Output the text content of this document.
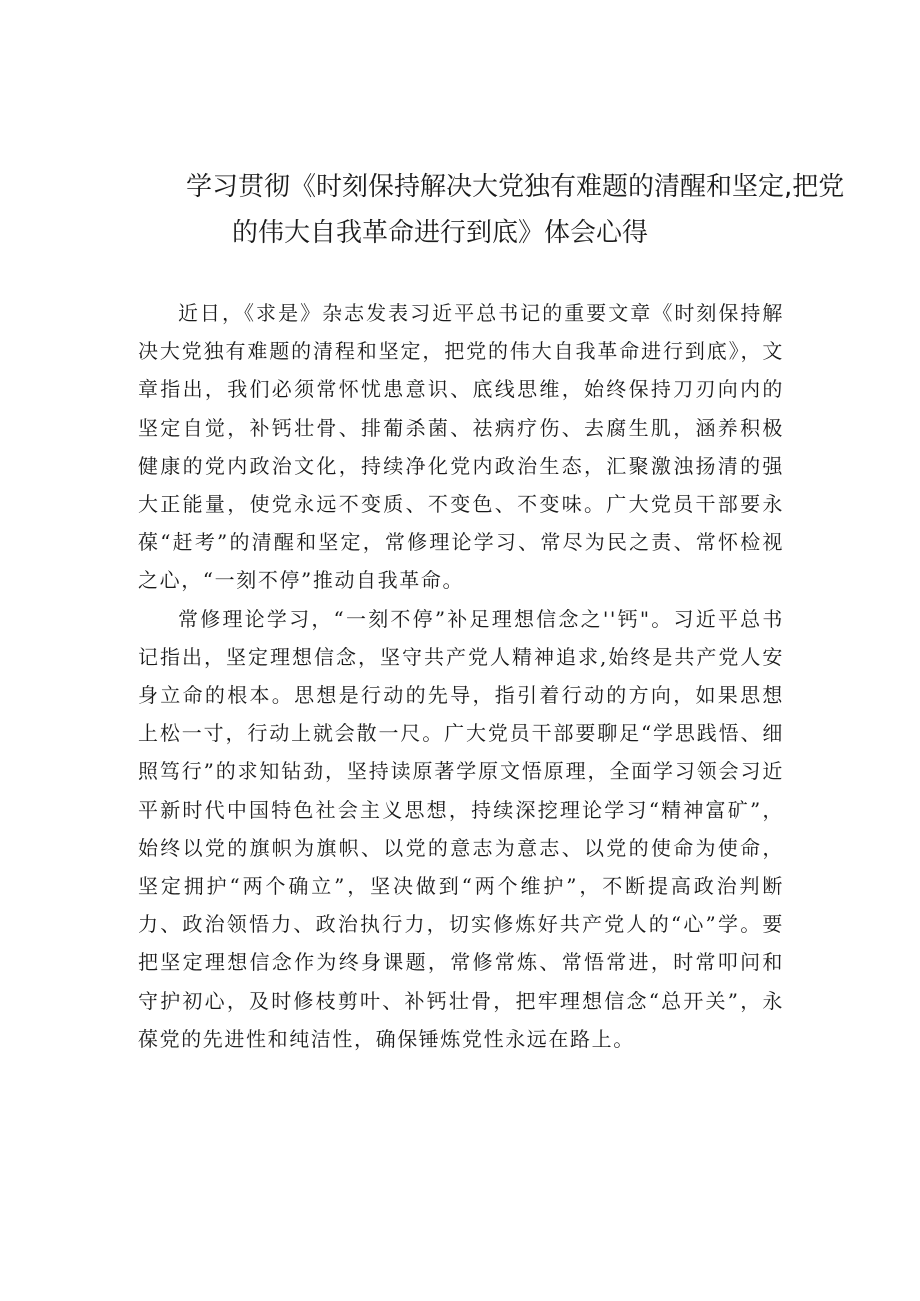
学习贯彻《时刻保持解决大党独有难题的清醒和坚定,把党
的伟大自我革命进行到底》体会心得

近日，《求是》杂志发表习近平总书记的重要文章《时刻保持解决大党独有难题的清程和坚定，把党的伟大自我革命进行到底》，文章指出，我们必须常怀忧患意识、底线思维，始终保持刀刃向内的坚定自觉，补钙壮骨、排葡杀菌、祛病疗伤、去腐生肌，涵养积极健康的党内政治文化，持续净化党内政治生态，汇聚激浊扬清的强大正能量，使党永远不变质、不变色、不变味。广大党员干部要永葆“赶考”的清醒和坚定，常修理论学习、常尽为民之责、常怀检视之心，“一刻不停”推动自我革命。

常修理论学习，“一刻不停”补足理想信念之''钙"。习近平总书记指出，坚定理想信念，坚守共产党人精神追求,始终是共产党人安身立命的根本。思想是行动的先导，指引着行动的方向，如果思想上松一寸，行动上就会散一尺。广大党员干部要聊足“学思践悟、细照笃行”的求知钻劲，坚持读原著学原文悟原理，全面学习领会习近平新时代中国特色社会主义思想，持续深挖理论学习“精神富矿”，始终以党的旗帜为旗帜、以党的意志为意志、以党的使命为使命，坚定拥护“两个确立”，坚决做到“两个维护”，不断提高政治判断力、政治领悟力、政治执行力，切实修炼好共产党人的“心”学。要把坚定理想信念作为终身课题，常修常炼、常悟常进，时常叩问和守护初心，及时修枝剪叶、补钙壮骨，把牢理想信念“总开关”，永葆党的先进性和纯洁性，确保锤炼党性永远在路上。
